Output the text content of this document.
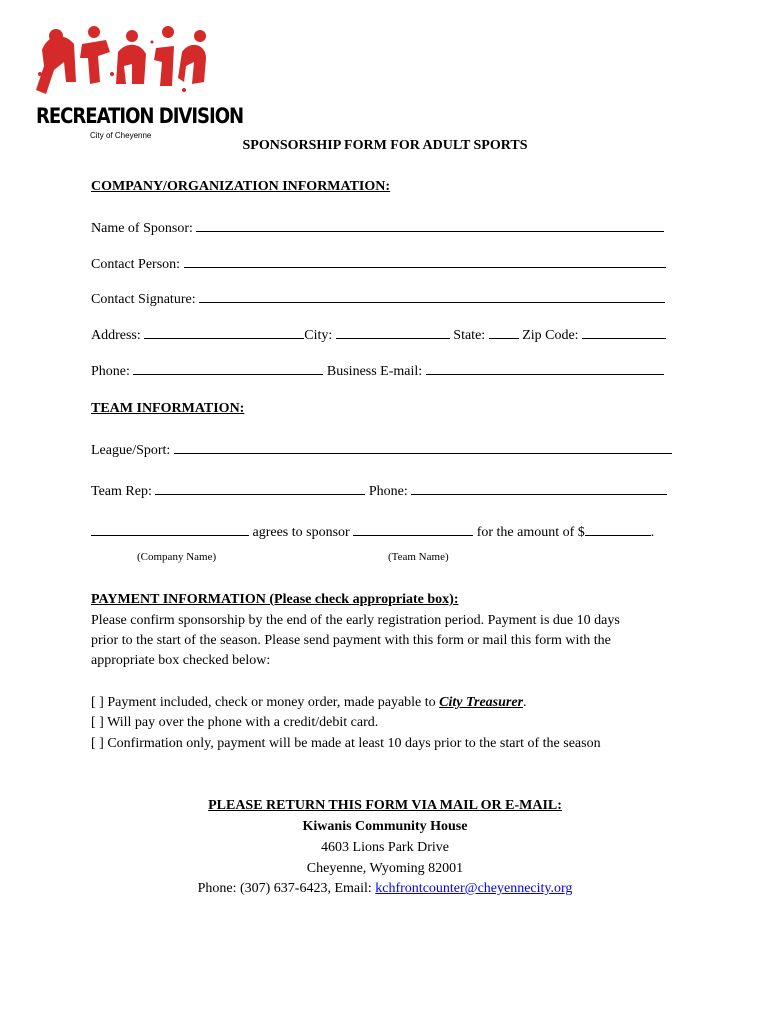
RECREATION DIVISION
City of Cheyenne
SPONSORSHIP FORM FOR ADULT SPORTS
COMPANY/ORGANIZATION INFORMATION:
Name of Sponsor:
Contact Person:
Contact Signature:
Address:	City:	State:	Zip Code:
Phone:	Business E-mail:
TEAM INFORMATION:
League/Sport:
Team Rep:	Phone:
agrees to sponsor	for the amount of $	.
(Company Name)	(Team Name)
PAYMENT INFORMATION (Please check appropriate box):
Please confirm sponsorship by the end of the early registration period. Payment is due 10 days
prior to the start of the season. Please send payment with this form or mail this form with the
appropriate box checked below:
[ ] Payment included, check or money order, made payable to City Treasurer.
[ ] Will pay over the phone with a credit/debit card.
[ ] Confirmation only, payment will be made at least 10 days prior to the start of the season
PLEASE RETURN THIS FORM VIA MAIL OR E-MAIL:
Kiwanis Community House
4603 Lions Park Drive
Cheyenne, Wyoming 82001
Phone: (307) 637-6423, Email: kchfrontcounter@cheyennecity.org
